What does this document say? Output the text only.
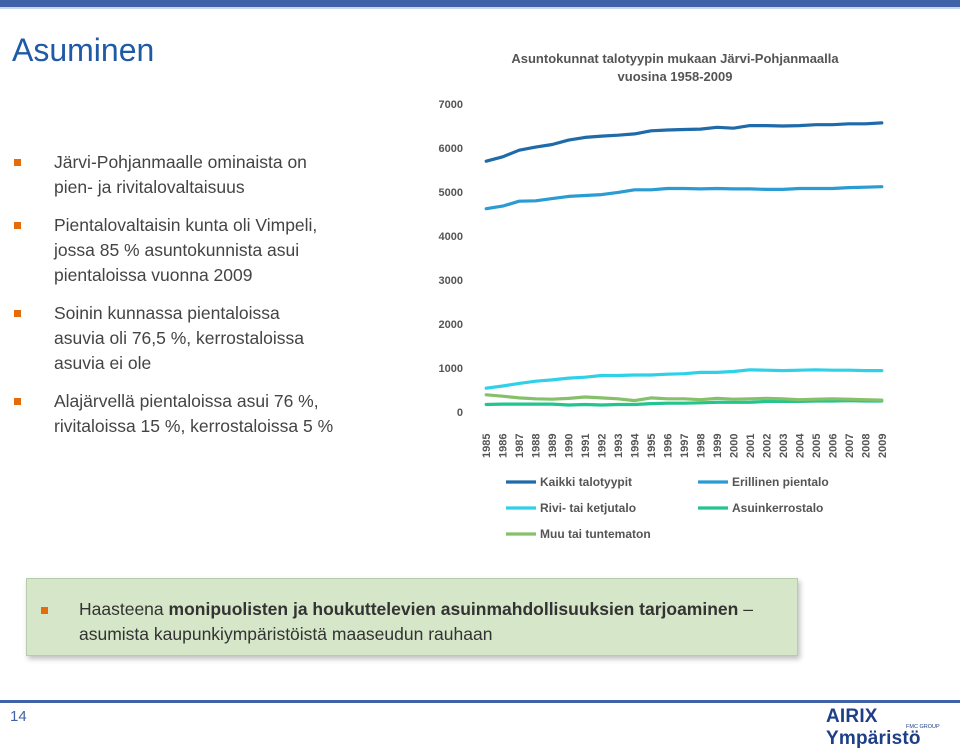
Asuminen
Järvi-Pohjanmaalle ominaista on pien- ja rivitalovaltaisuus
Pientalovaltaisin kunta oli Vimpeli, jossa 85 % asuntokunnista asui pientaloissa vuonna 2009
Soinin kunnassa pientaloissa asuvia oli 76,5 %, kerrostaloissa asuvia ei ole
Alajärvellä pientaloissa asui 76 %, rivitaloissa 15 %, kerrostaloissa 5 %
Asuntokunnat talotyypin mukaan Järvi-Pohjanmaalla
vuosina 1958-2009
0
1000
2000
3000
4000
5000
6000
7000
1985 1986 1987 1988 1989 1990 1991 1992 1993 1994 1995 1996 1997 1998 1999 2000 2001 2002 2003 2004 2005 2006 2007 2008 2009
Kaikki talotyypit	Erillinen pientalo
Rivi- tai ketjutalo	Asuinkerrostalo
Muu tai tuntematon
Haasteena monipuolisten ja houkuttelevien asuinmahdollisuuksien tarjoaminen – asumista kaupunkiympäristöistä maaseudun rauhaan
14	AIRIX Ympäristö
FMC GROUP
